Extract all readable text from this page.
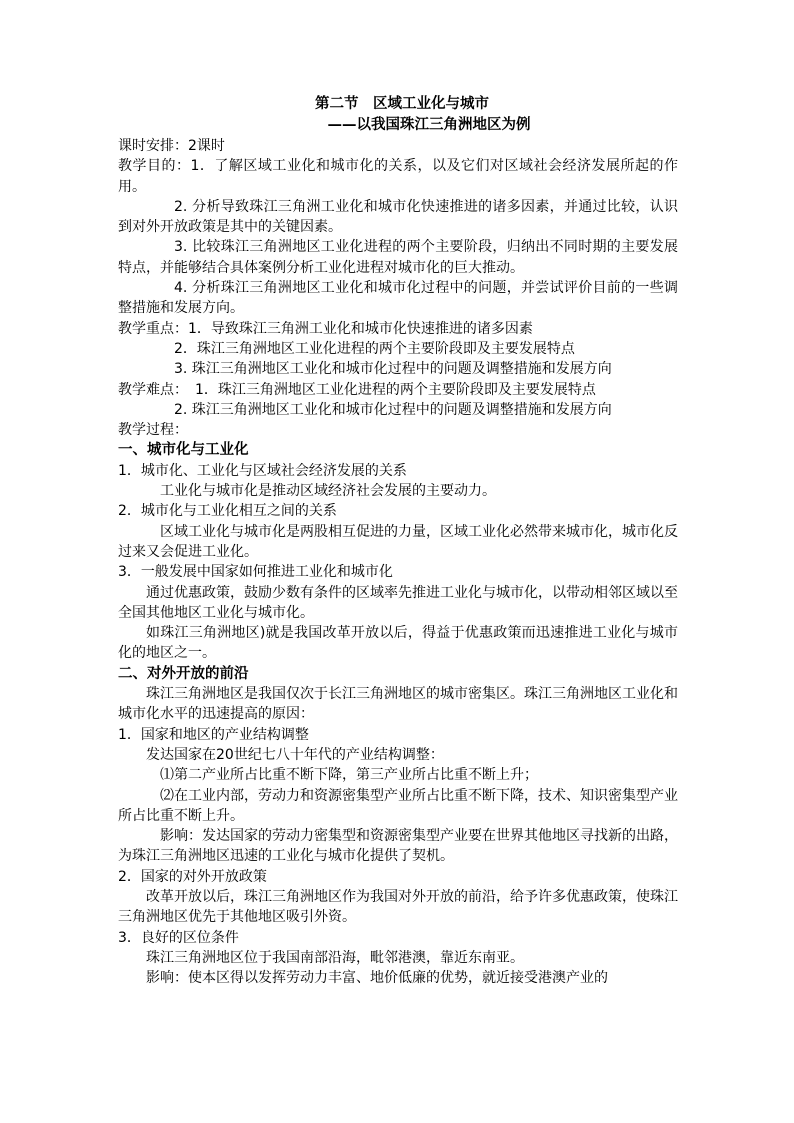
第二节　区域工业化与城市
——以我国珠江三角洲地区为例

课时安排：2课时

教学目的：1．了解区域工业化和城市化的关系，以及它们对区域社会经济发展所起的作用。

2. 分析导致珠江三角洲工业化和城市化快速推进的诸多因素，并通过比较，认识到对外开放政策是其中的关键因素。

3. 比较珠江三角洲地区工业化进程的两个主要阶段，归纳出不同时期的主要发展特点，并能够结合具体案例分析工业化进程对城市化的巨大推动。

4. 分析珠江三角洲地区工业化和城市化过程中的问题，并尝试评价目前的一些调整措施和发展方向。

教学重点：1．导致珠江三角洲工业化和城市化快速推进的诸多因素

2．珠江三角洲地区工业化进程的两个主要阶段即及主要发展特点

3. 珠江三角洲地区工业化和城市化过程中的问题及调整措施和发展方向

教学难点：　1．珠江三角洲地区工业化进程的两个主要阶段即及主要发展特点

2. 珠江三角洲地区工业化和城市化过程中的问题及调整措施和发展方向

教学过程：

一、城市化与工业化

1．城市化、工业化与区域社会经济发展的关系

工业化与城市化是推动区域经济社会发展的主要动力。

2．城市化与工业化相互之间的关系

区域工业化与城市化是两股相互促进的力量，区域工业化必然带来城市化，城市化反过来又会促进工业化。

3．一般发展中国家如何推进工业化和城市化

通过优惠政策，鼓励少数有条件的区域率先推进工业化与城市化，以带动相邻区域以至全国其他地区工业化与城市化。

如珠江三角洲地区)就是我国改革开放以后，得益于优惠政策而迅速推进工业化与城市化的地区之一。

二、对外开放的前沿

珠江三角洲地区是我国仅次于长江三角洲地区的城市密集区。珠江三角洲地区工业化和城市化水平的迅速提高的原因：

1．国家和地区的产业结构调整

发达国家在20世纪七八十年代的产业结构调整：

⑴第二产业所占比重不断下降，第三产业所占比重不断上升；

⑵在工业内部，劳动力和资源密集型产业所占比重不断下降，技术、知识密集型产业所占比重不断上升。

影响：发达国家的劳动力密集型和资源密集型产业要在世界其他地区寻找新的出路，为珠江三角洲地区迅速的工业化与城市化提供了契机。

2．国家的对外开放政策

改革开放以后，珠江三角洲地区作为我国对外开放的前沿，给予许多优惠政策，使珠江三角洲地区优先于其他地区吸引外资。

3．良好的区位条件

珠江三角洲地区位于我国南部沿海，毗邻港澳，靠近东南亚。

影响：使本区得以发挥劳动力丰富、地价低廉的优势，就近接受港澳产业的
